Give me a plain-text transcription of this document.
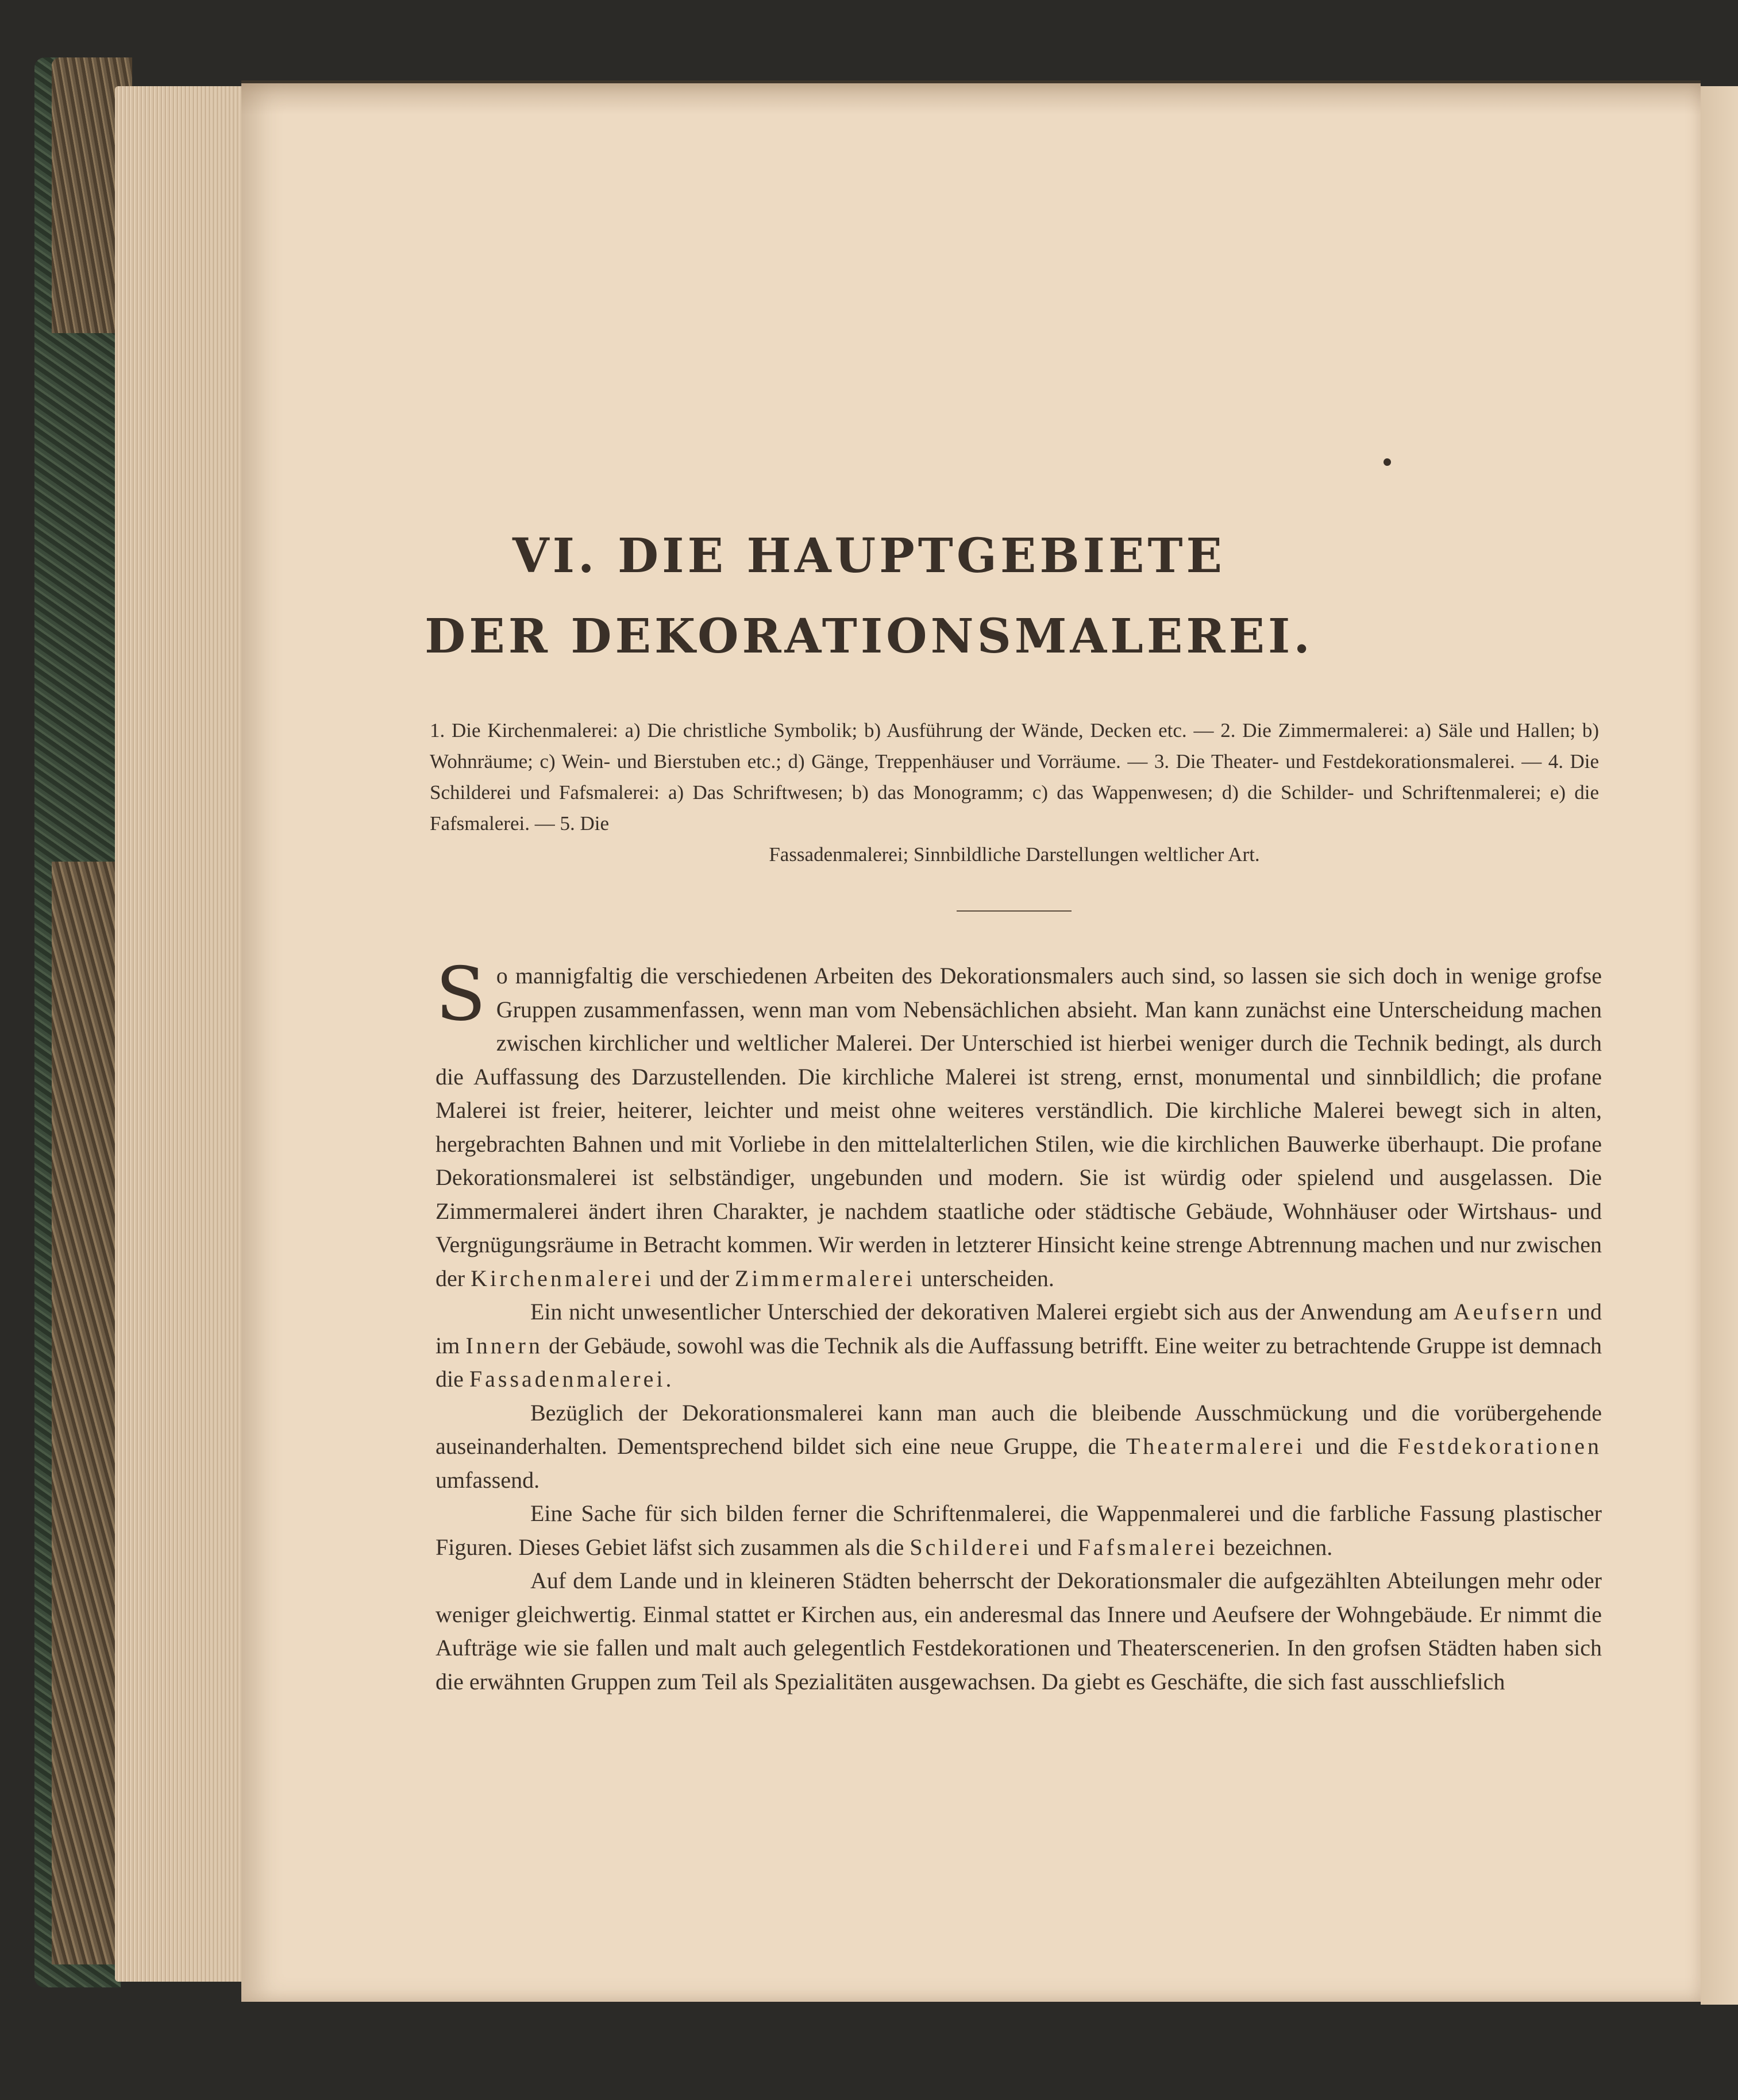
VI. DIE HAUPTGEBIETE
DER DEKORATIONSMALEREI.

1. Die Kirchenmalerei: a) Die christliche Symbolik; b) Ausführung der Wände, Decken etc. — 2. Die Zimmermalerei: a) Säle und Hallen; b) Wohnräume; c) Wein- und Bierstuben etc.; d) Gänge, Treppenhäuser und Vorräume. — 3. Die Theater- und Festdekorationsmalerei. — 4. Die Schilderei und Fafsmalerei: a) Das Schriftwesen; b) das Monogramm; c) das Wappenwesen; d) die Schilder- und Schriftenmalerei; e) die Fafsmalerei. — 5. Die

Fassadenmalerei; Sinnbildliche Darstellungen weltlicher Art.

So mannigfaltig die verschiedenen Arbeiten des Dekorationsmalers auch sind, so lassen sie sich doch in wenige grofse Gruppen zusammenfassen, wenn man vom Nebensächlichen absieht. Man kann zunächst eine Unterscheidung machen zwischen kirchlicher und weltlicher Malerei. Der Unterschied ist hierbei weniger durch die Technik bedingt, als durch die Auffassung des Darzustellenden. Die kirchliche Malerei ist streng, ernst, monumental und sinnbildlich; die profane Malerei ist freier, heiterer, leichter und meist ohne weiteres verständlich. Die kirchliche Malerei bewegt sich in alten, hergebrachten Bahnen und mit Vorliebe in den mittelalterlichen Stilen, wie die kirchlichen Bauwerke überhaupt. Die profane Dekorationsmalerei ist selbständiger, ungebunden und modern. Sie ist würdig oder spielend und ausgelassen. Die Zimmermalerei ändert ihren Charakter, je nachdem staatliche oder städtische Gebäude, Wohnhäuser oder Wirtshaus- und Vergnügungsräume in Betracht kommen. Wir werden in letzterer Hinsicht keine strenge Abtrennung machen und nur zwischen der Kirchenmalerei und der Zimmermalerei unterscheiden.

Ein nicht unwesentlicher Unterschied der dekorativen Malerei ergiebt sich aus der Anwendung am Aeufsern und im Innern der Gebäude, sowohl was die Technik als die Auffassung betrifft. Eine weiter zu betrachtende Gruppe ist demnach die Fassadenmalerei.

Bezüglich der Dekorationsmalerei kann man auch die bleibende Ausschmückung und die vorübergehende auseinanderhalten. Dementsprechend bildet sich eine neue Gruppe, die Theatermalerei und die Festdekorationen umfassend.

Eine Sache für sich bilden ferner die Schriftenmalerei, die Wappenmalerei und die farbliche Fassung plastischer Figuren. Dieses Gebiet läfst sich zusammen als die Schilderei und Fafsmalerei bezeichnen.

Auf dem Lande und in kleineren Städten beherrscht der Dekorationsmaler die aufgezählten Abteilungen mehr oder weniger gleichwertig. Einmal stattet er Kirchen aus, ein anderesmal das Innere und Aeufsere der Wohngebäude. Er nimmt die Aufträge wie sie fallen und malt auch gelegentlich Festdekorationen und Theaterscenerien. In den grofsen Städten haben sich die erwähnten Gruppen zum Teil als Spezialitäten ausgewachsen. Da giebt es Geschäfte, die sich fast ausschliefslich
